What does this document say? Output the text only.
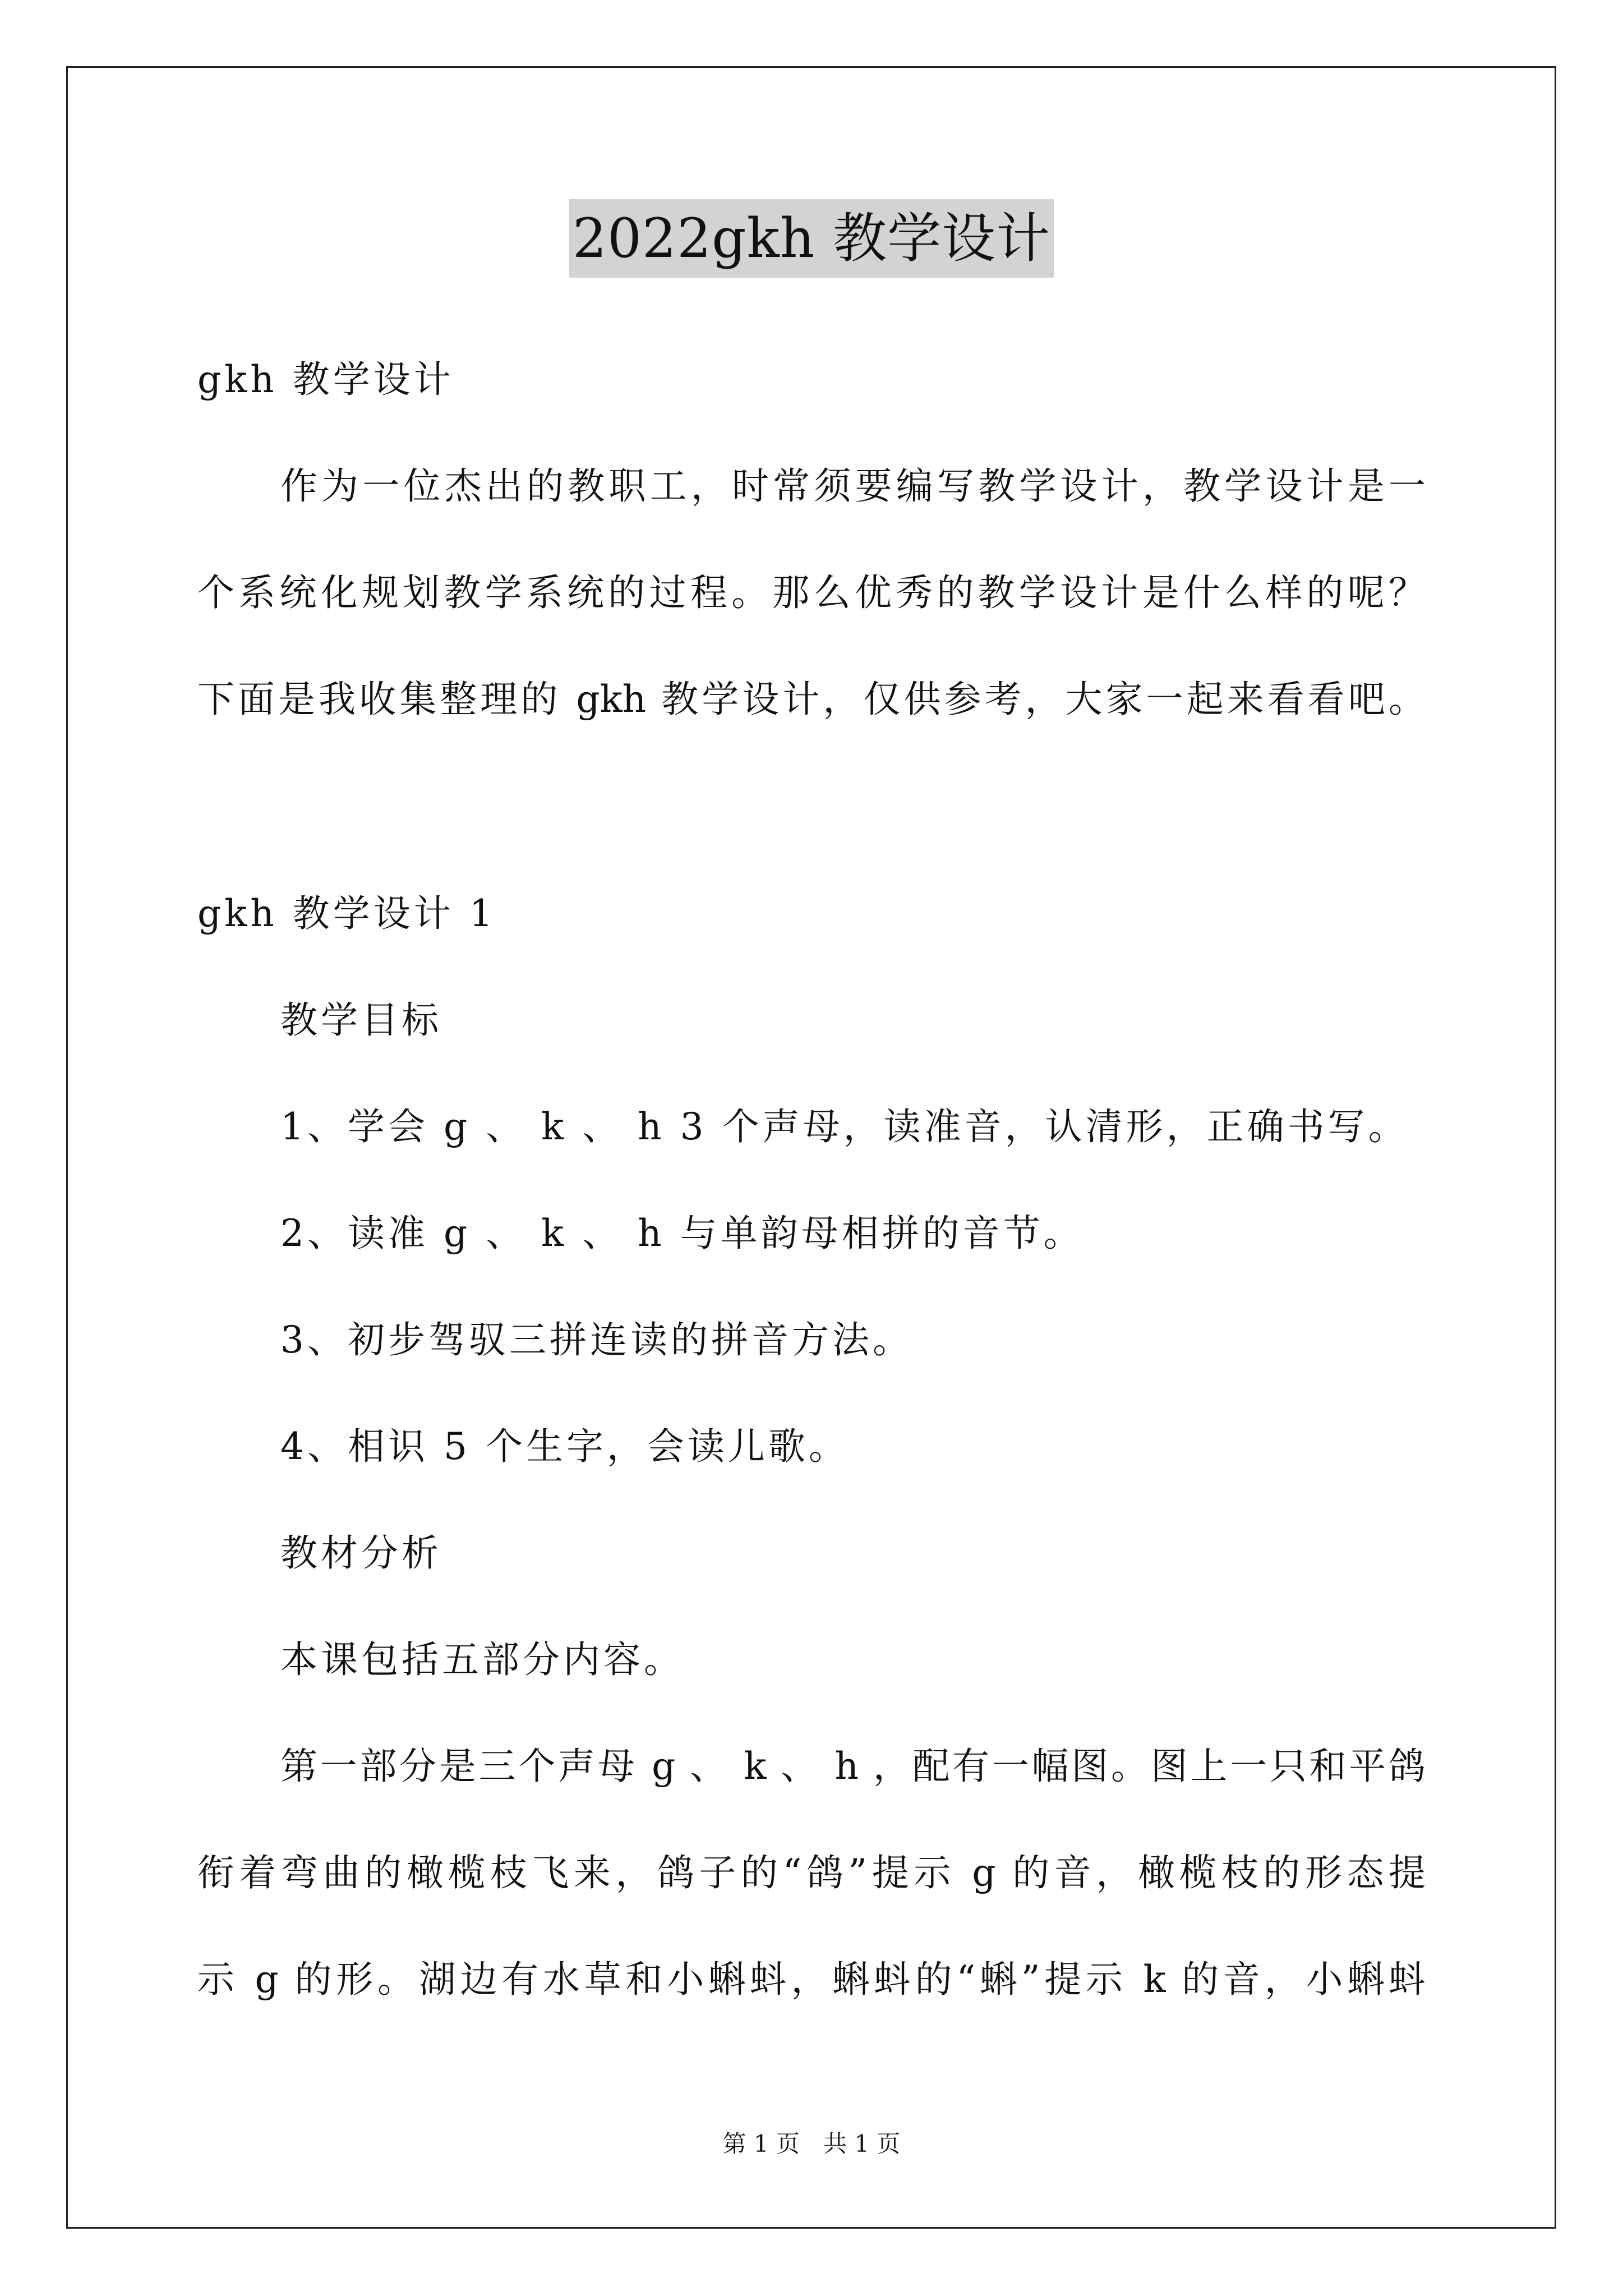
2022gkh 教学设计
gkh 教学设计
作为一位杰出的教职工，时常须要编写教学设计，教学设计是一
个系统化规划教学系统的过程。那么优秀的教学设计是什么样的呢？
下面是我收集整理的 gkh 教学设计，仅供参考，大家一起来看看吧。
gkh 教学设计 1
教学目标
1、学会 g 、 k 、 h 3 个声母，读准音，认清形，正确书写。
2、读准 g 、 k 、 h 与单韵母相拼的音节。
3、初步驾驭三拼连读的拼音方法。
4、相识 5 个生字，会读儿歌。
教材分析
本课包括五部分内容。
第一部分是三个声母 g 、 k 、 h ，配有一幅图。图上一只和平鸽
衔着弯曲的橄榄枝飞来，鸽子的“鸽”提示 g 的音，橄榄枝的形态提
示 g 的形。湖边有水草和小蝌蚪，蝌蚪的“蝌”提示 k 的音，小蝌蚪
第 1 页　共 1 页
